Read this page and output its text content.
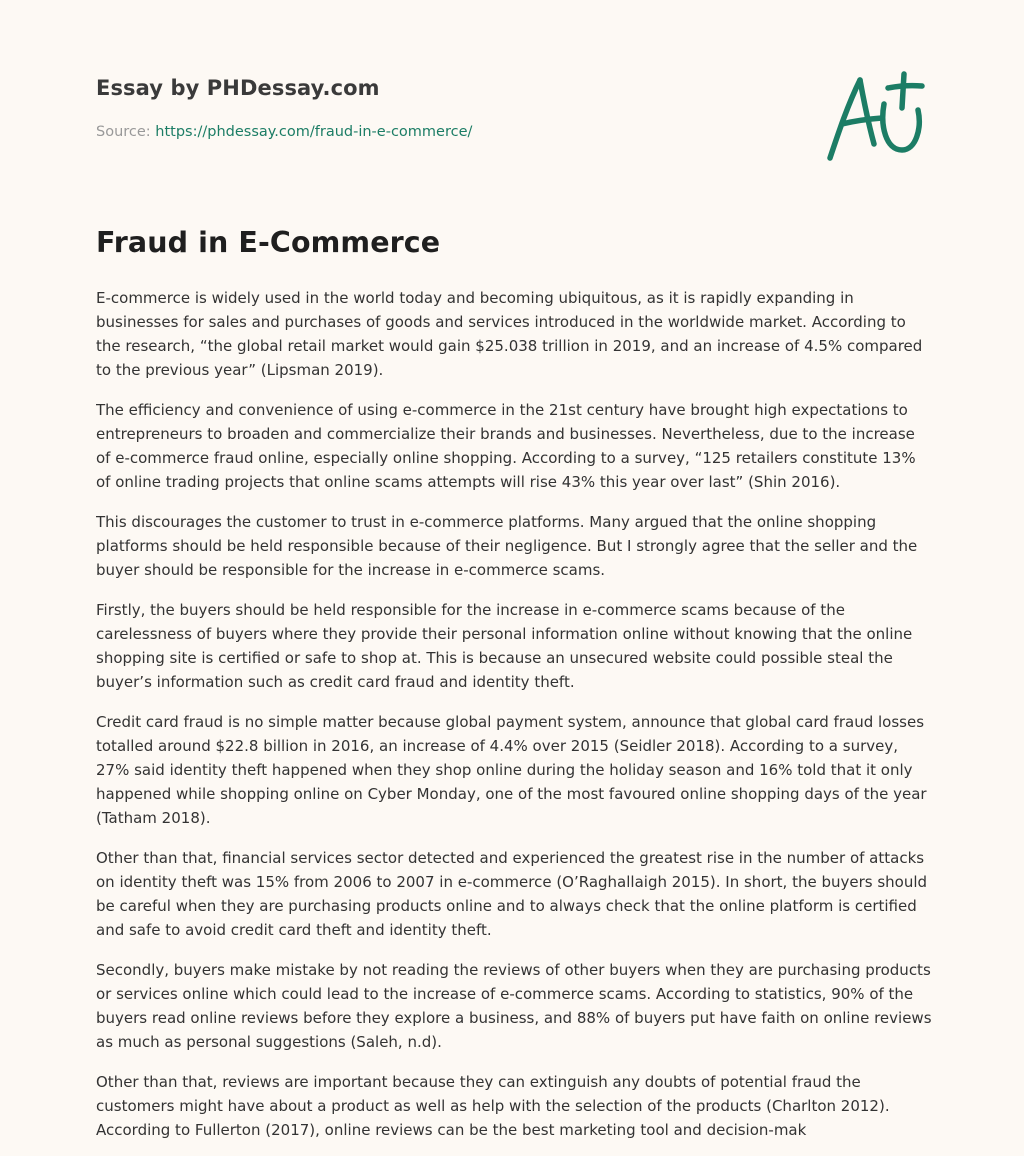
Essay by PHDessay.com
Source: https://phdessay.com/fraud-in-e-commerce/
Fraud in E-Commerce

E-commerce is widely used in the world today and becoming ubiquitous, as it is rapidly expanding in businesses for sales and purchases of goods and services introduced in the worldwide market. According to the research, “the global retail market would gain $25.038 trillion in 2019, and an increase of 4.5% compared to the previous year” (Lipsman 2019).

The efficiency and convenience of using e-commerce in the 21st century have brought high expectations to entrepreneurs to broaden and commercialize their brands and businesses. Nevertheless, due to the increase of e-commerce fraud online, especially online shopping. According to a survey, “125 retailers constitute 13% of online trading projects that online scams attempts will rise 43% this year over last” (Shin 2016).

This discourages the customer to trust in e-commerce platforms. Many argued that the online shopping platforms should be held responsible because of their negligence. But I strongly agree that the seller and the buyer should be responsible for the increase in e-commerce scams.

Firstly, the buyers should be held responsible for the increase in e-commerce scams because of the carelessness of buyers where they provide their personal information online without knowing that the online shopping site is certified or safe to shop at. This is because an unsecured website could possible steal the buyer’s information such as credit card fraud and identity theft.

Credit card fraud is no simple matter because global payment system, announce that global card fraud losses totalled around $22.8 billion in 2016, an increase of 4.4% over 2015 (Seidler 2018). According to a survey, 27% said identity theft happened when they shop online during the holiday season and 16% told that it only happened while shopping online on Cyber Monday, one of the most favoured online shopping days of the year (Tatham 2018).

Other than that, financial services sector detected and experienced the greatest rise in the number of attacks on identity theft was 15% from 2006 to 2007 in e-commerce (O’Raghallaigh 2015). In short, the buyers should be careful when they are purchasing products online and to always check that the online platform is certified and safe to avoid credit card theft and identity theft.

Secondly, buyers make mistake by not reading the reviews of other buyers when they are purchasing products or services online which could lead to the increase of e-commerce scams. According to statistics, 90% of the buyers read online reviews before they explore a business, and 88% of buyers put have faith on online reviews as much as personal suggestions (Saleh, n.d).

Other than that, reviews are important because they can extinguish any doubts of potential fraud the customers might have about a product as well as help with the selection of the products (Charlton 2012). According to Fullerton (2017), online reviews can be the best marketing tool and decision-mak
